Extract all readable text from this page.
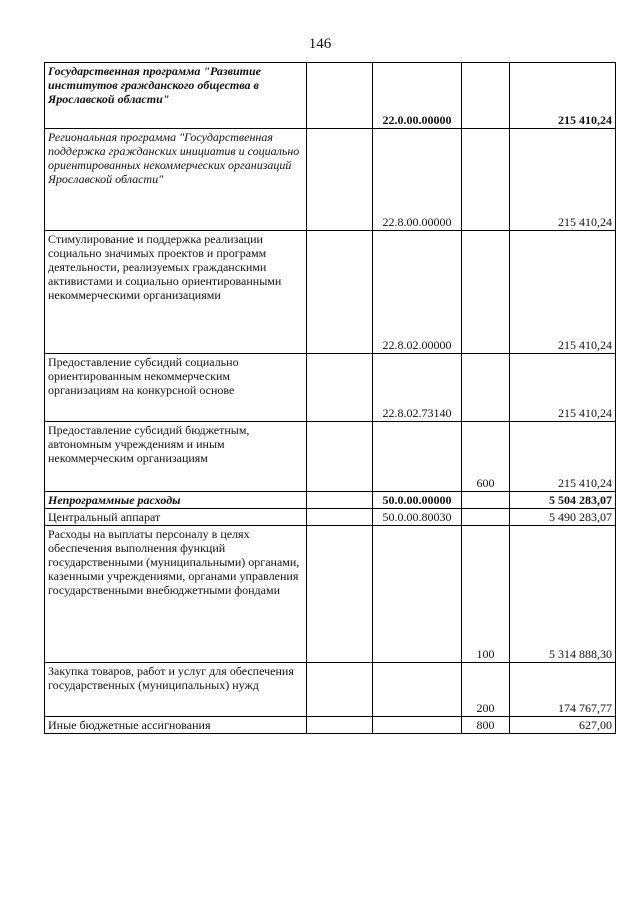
146
Государственная программа "Развитие институтов гражданского общества в Ярославской области"		22.0.00.00000		215 410,24
Региональная программа "Государственная поддержка гражданских инициатив и социально ориентированных некоммерческих организаций Ярославской области"		22.8.00.00000		215 410,24
Стимулирование и поддержка реализации социально значимых проектов и программ деятельности, реализуемых гражданскими активистами и социально ориентированными некоммерческими организациями		22.8.02.00000		215 410,24
Предоставление субсидий социально ориентированным некоммерческим организациям на конкурсной основе		22.8.02.73140		215 410,24
Предоставление субсидий бюджетным, автономным учреждениям и иным некоммерческим организациям			600	215 410,24
Непрограммные расходы		50.0.00.00000		5 504 283,07
Центральный аппарат		50.0.00.80030		5 490 283,07
Расходы на выплаты персоналу в целях обеспечения выполнения функций государственными (муниципальными) органами, казенными учреждениями, органами управления государственными внебюджетными фондами			100	5 314 888,30
Закупка товаров, работ и услуг для обеспечения государственных (муниципальных) нужд			200	174 767,77
Иные бюджетные ассигнования			800	627,00
